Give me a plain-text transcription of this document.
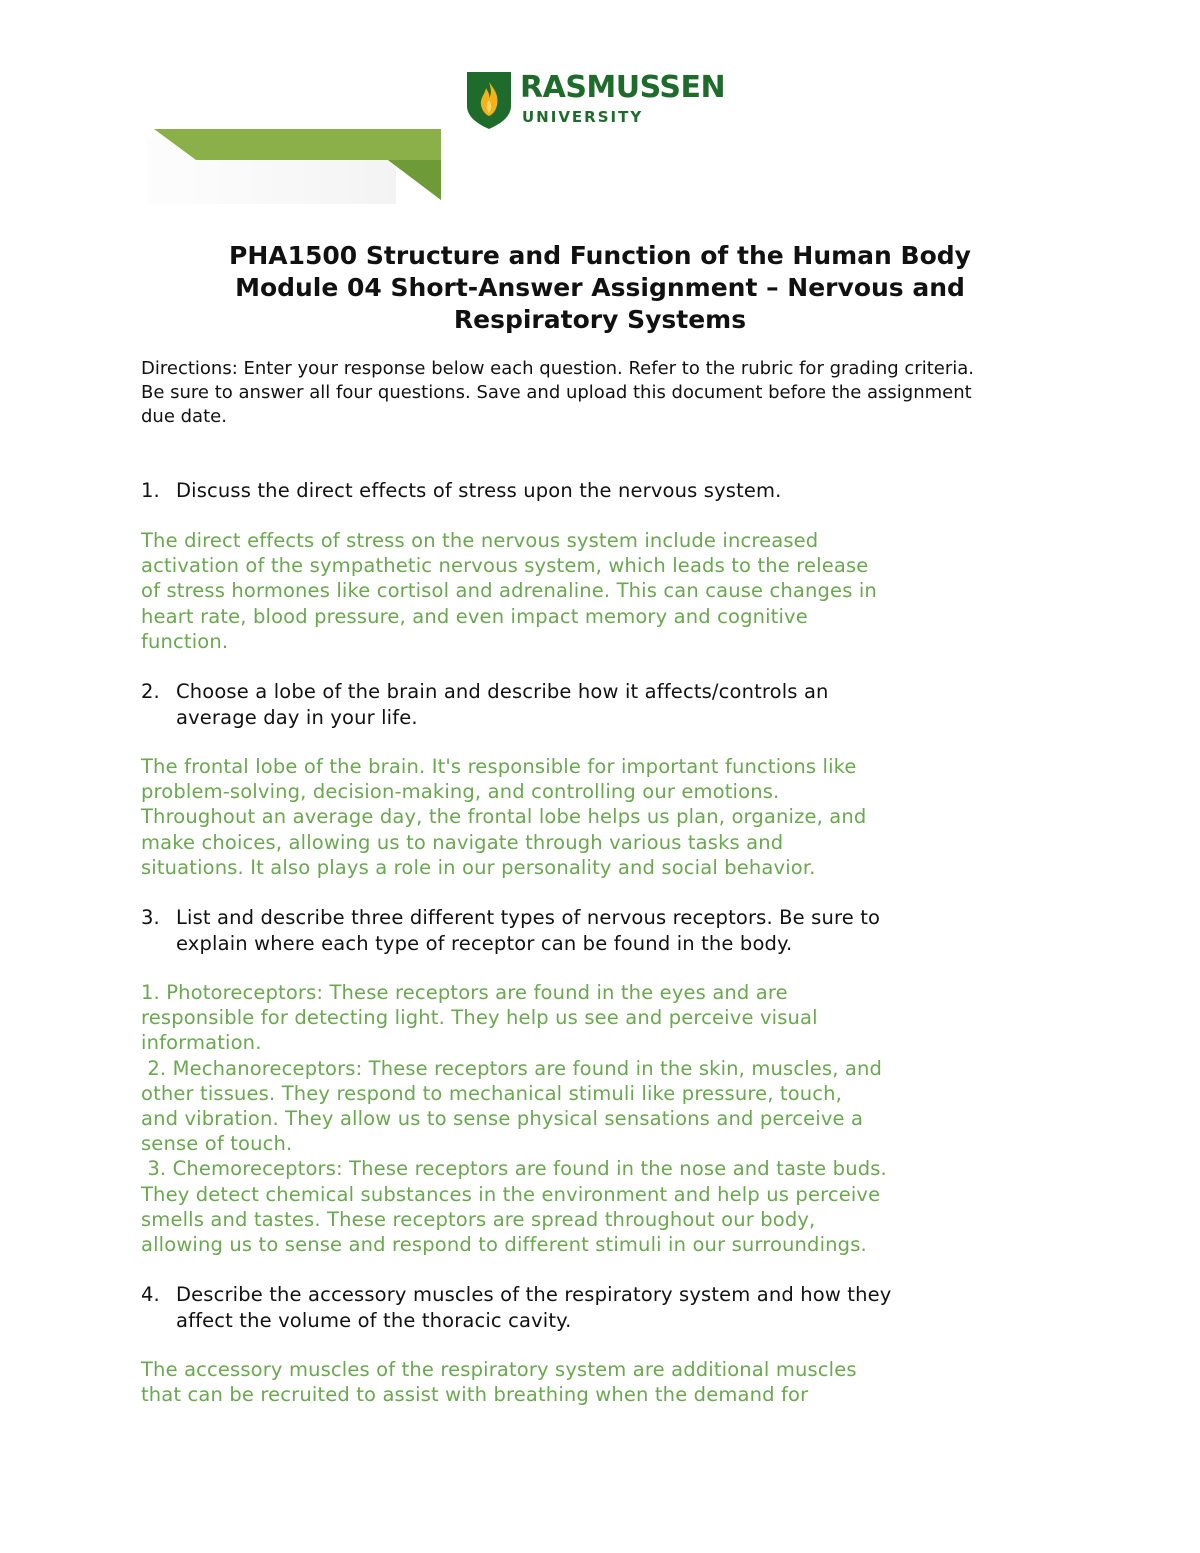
RASMUSSEN
UNIVERSITY
PHA1500 Structure and Function of the Human Body
Module 04 Short-Answer Assignment – Nervous and
Respiratory Systems
Directions: Enter your response below each question. Refer to the rubric for grading criteria.
Be sure to answer all four questions. Save and upload this document before the assignment
due date.
1. Discuss the direct effects of stress upon the nervous system.
The direct effects of stress on the nervous system include increased
activation of the sympathetic nervous system, which leads to the release
of stress hormones like cortisol and adrenaline. This can cause changes in
heart rate, blood pressure, and even impact memory and cognitive
function.
2. Choose a lobe of the brain and describe how it affects/controls an
average day in your life.
The frontal lobe of the brain. It's responsible for important functions like
problem-solving, decision-making, and controlling our emotions.
Throughout an average day, the frontal lobe helps us plan, organize, and
make choices, allowing us to navigate through various tasks and
situations. It also plays a role in our personality and social behavior.
3. List and describe three different types of nervous receptors. Be sure to
explain where each type of receptor can be found in the body.
1. Photoreceptors: These receptors are found in the eyes and are
responsible for detecting light. They help us see and perceive visual
information.
2. Mechanoreceptors: These receptors are found in the skin, muscles, and
other tissues. They respond to mechanical stimuli like pressure, touch,
and vibration. They allow us to sense physical sensations and perceive a
sense of touch.
3. Chemoreceptors: These receptors are found in the nose and taste buds.
They detect chemical substances in the environment and help us perceive
smells and tastes. These receptors are spread throughout our body,
allowing us to sense and respond to different stimuli in our surroundings.
4. Describe the accessory muscles of the respiratory system and how they
affect the volume of the thoracic cavity.
The accessory muscles of the respiratory system are additional muscles
that can be recruited to assist with breathing when the demand for
